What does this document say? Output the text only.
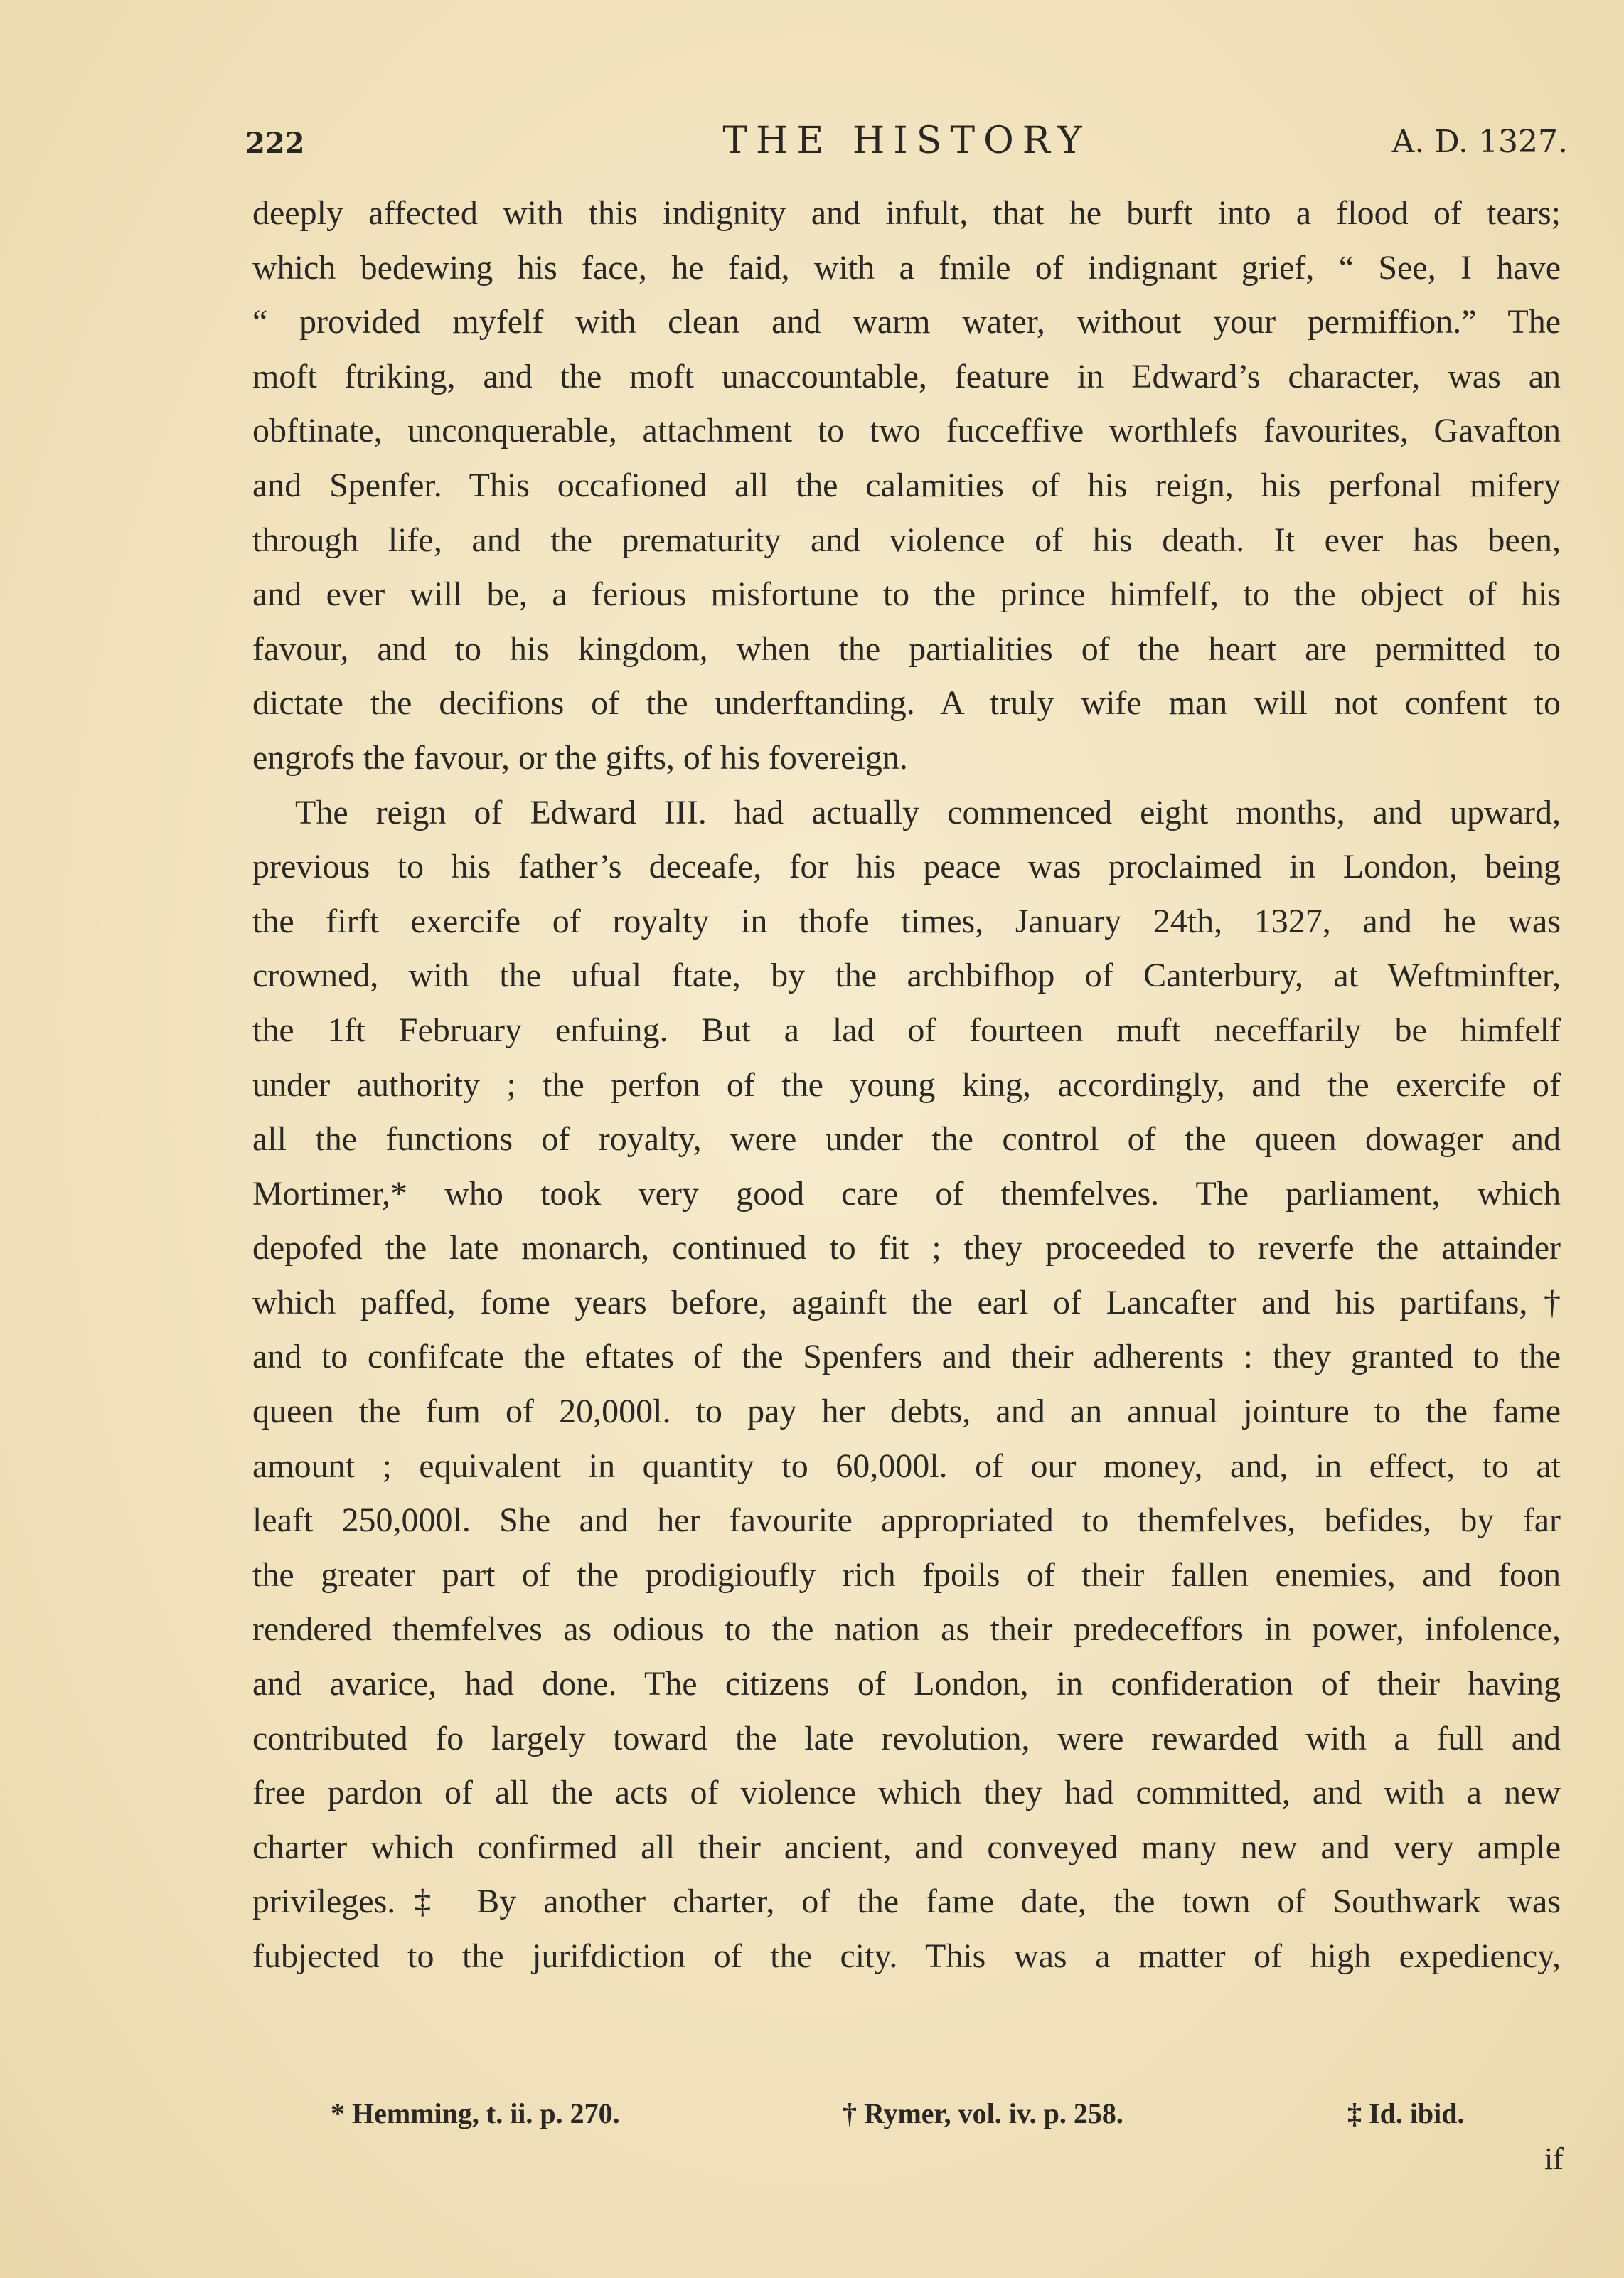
222	THE HISTORY	A. D. 1327.
deeply affected with this indignity and infult, that he burft into a flood of tears;
which bedewing his face, he faid, with a fmile of indignant grief, “ See, I have
“ provided myfelf with clean and warm water, without your permiffion.” The
moft ftriking, and the moft unaccountable, feature in Edward’s character, was an
obftinate, unconquerable, attachment to two fucceffive worthlefs favourites, Gavafton
and Spenfer. This occafioned all the calamities of his reign, his perfonal mifery
through life, and the prematurity and violence of his death. It ever has been,
and ever will be, a ferious misfortune to the prince himfelf, to the object of his
favour, and to his kingdom, when the partialities of the heart are permitted to
dictate the decifions of the underftanding. A truly wife man will not confent to
engrofs the favour, or the gifts, of his fovereign.
The reign of Edward III. had actually commenced eight months, and upward,
previous to his father’s deceafe, for his peace was proclaimed in London, being
the firft exercife of royalty in thofe times, January 24th, 1327, and he was
crowned, with the ufual ftate, by the archbifhop of Canterbury, at Weftminfter,
the 1ft February enfuing. But a lad of fourteen muft neceffarily be himfelf
under authority ; the perfon of the young king, accordingly, and the exercife of
all the functions of royalty, were under the control of the queen dowager and
Mortimer,* who took very good care of themfelves. The parliament, which
depofed the late monarch, continued to fit ; they proceeded to reverfe the attainder
which paffed, fome years before, againft the earl of Lancafter and his partifans,†
and to confifcate the eftates of the Spenfers and their adherents : they granted to the
queen the fum of 20,000l. to pay her debts, and an annual jointure to the fame
amount ; equivalent in quantity to 60,000l. of our money, and, in effect, to at
leaft 250,000l. She and her favourite appropriated to themfelves, befides, by far
the greater part of the prodigioufly rich fpoils of their fallen enemies, and foon
rendered themfelves as odious to the nation as their predeceffors in power, infolence,
and avarice, had done. The citizens of London, in confideration of their having
contributed fo largely toward the late revolution, were rewarded with a full and
free pardon of all the acts of violence which they had committed, and with a new
charter which confirmed all their ancient, and conveyed many new and very ample
privileges.‡ By another charter, of the fame date, the town of Southwark was
fubjected to the jurifdiction of the city. This was a matter of high expediency,
* Hemming, t. ii. p. 270.	† Rymer, vol. iv. p. 258.	‡ Id. ibid.
if
